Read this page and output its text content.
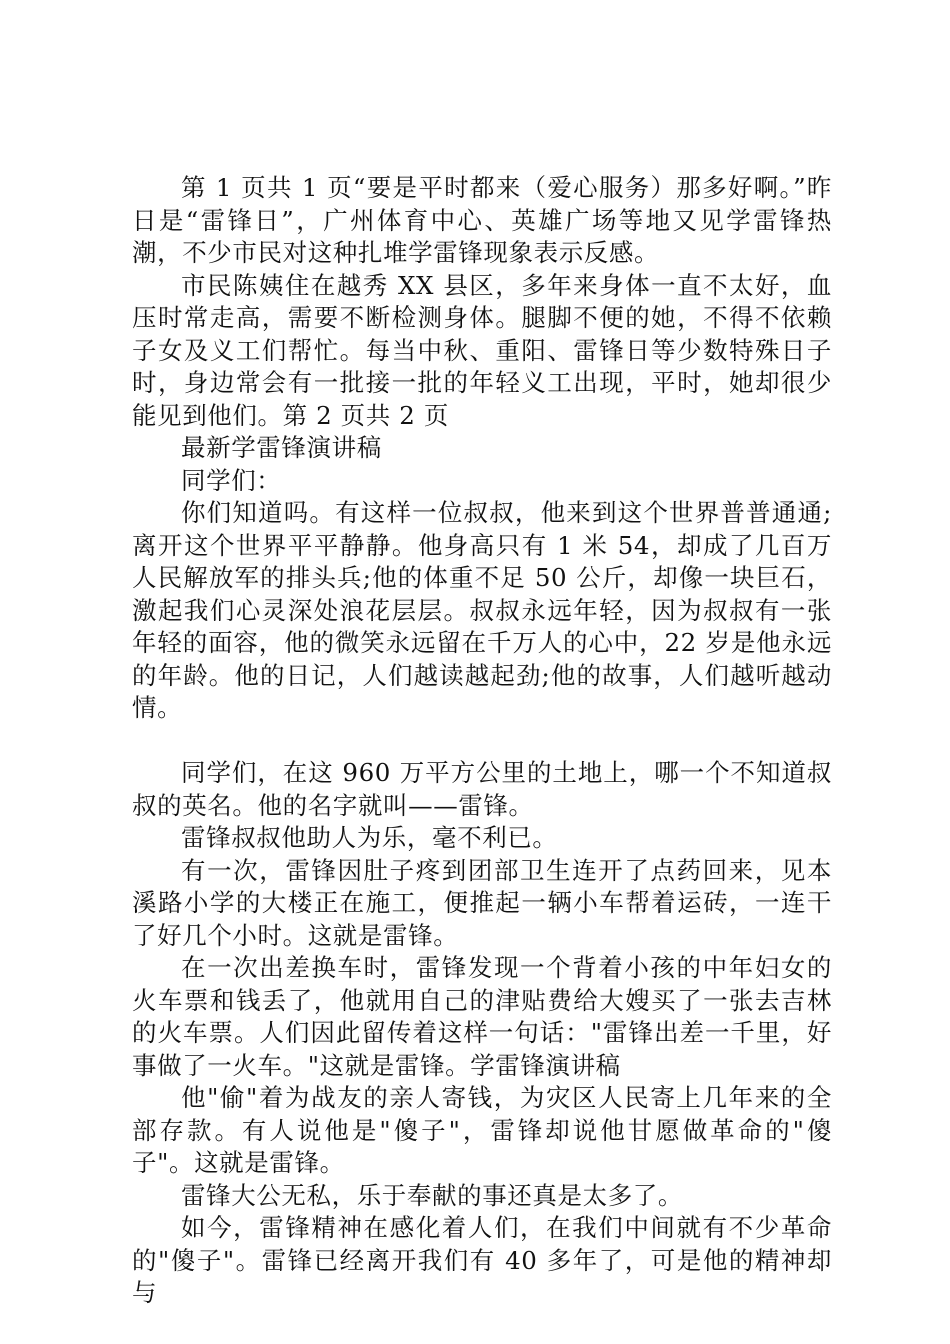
第 1 页共 1 页“要是平时都来（爱心服务）那多好啊。”昨日是“雷锋日”，广州体育中心、英雄广场等地又见学雷锋热潮，不少市民对这种扎堆学雷锋现象表示反感。

市民陈姨住在越秀 XX 县区，多年来身体一直不太好，血压时常走高，需要不断检测身体。腿脚不便的她，不得不依赖子女及义工们帮忙。每当中秋、重阳、雷锋日等少数特殊日子时，身边常会有一批接一批的年轻义工出现，平时，她却很少能见到他们。第 2 页共 2 页

最新学雷锋演讲稿

同学们：

你们知道吗。有这样一位叔叔，他来到这个世界普普通通;离开这个世界平平静静。他身高只有 1 米 54，却成了几百万人民解放军的排头兵;他的体重不足 50 公斤，却像一块巨石，激起我们心灵深处浪花层层。叔叔永远年轻，因为叔叔有一张年轻的面容，他的微笑永远留在千万人的心中，22 岁是他永远的年龄。他的日记，人们越读越起劲;他的故事，人们越听越动情。

同学们，在这 960 万平方公里的土地上，哪一个不知道叔叔的英名。他的名字就叫——雷锋。

雷锋叔叔他助人为乐，毫不利已。

有一次，雷锋因肚子疼到团部卫生连开了点药回来，见本溪路小学的大楼正在施工，便推起一辆小车帮着运砖，一连干了好几个小时。这就是雷锋。

在一次出差换车时，雷锋发现一个背着小孩的中年妇女的火车票和钱丢了，他就用自己的津贴费给大嫂买了一张去吉林的火车票。人们因此留传着这样一句话："雷锋出差一千里，好事做了一火车。"这就是雷锋。学雷锋演讲稿

他"偷"着为战友的亲人寄钱，为灾区人民寄上几年来的全部存款。有人说他是"傻子"，雷锋却说他甘愿做革命的"傻子"。这就是雷锋。

雷锋大公无私，乐于奉献的事还真是太多了。

如今，雷锋精神在感化着人们，在我们中间就有不少革命的"傻子"。雷锋已经离开我们有 40 多年了，可是他的精神却与
